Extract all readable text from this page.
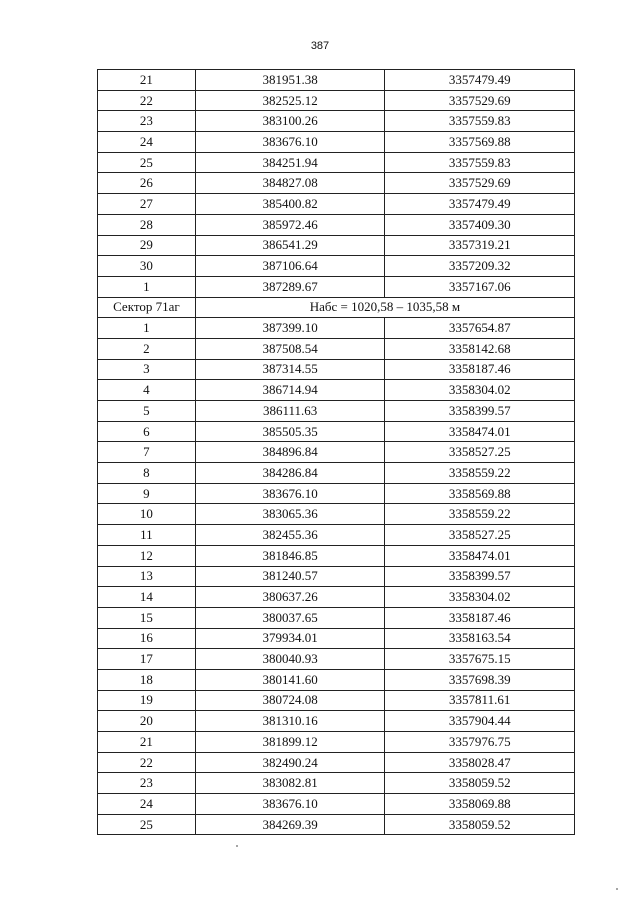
387
21	381951.38	3357479.49
22	382525.12	3357529.69
23	383100.26	3357559.83
24	383676.10	3357569.88
25	384251.94	3357559.83
26	384827.08	3357529.69
27	385400.82	3357479.49
28	385972.46	3357409.30
29	386541.29	3357319.21
30	387106.64	3357209.32
1	387289.67	3357167.06
Сектор 71аг	Набс = 1020,58 – 1035,58 м	
1	387399.10	3357654.87
2	387508.54	3358142.68
3	387314.55	3358187.46
4	386714.94	3358304.02
5	386111.63	3358399.57
6	385505.35	3358474.01
7	384896.84	3358527.25
8	384286.84	3358559.22
9	383676.10	3358569.88
10	383065.36	3358559.22
11	382455.36	3358527.25
12	381846.85	3358474.01
13	381240.57	3358399.57
14	380637.26	3358304.02
15	380037.65	3358187.46
16	379934.01	3358163.54
17	380040.93	3357675.15
18	380141.60	3357698.39
19	380724.08	3357811.61
20	381310.16	3357904.44
21	381899.12	3357976.75
22	382490.24	3358028.47
23	383082.81	3358059.52
24	383676.10	3358069.88
25	384269.39	3358059.52
